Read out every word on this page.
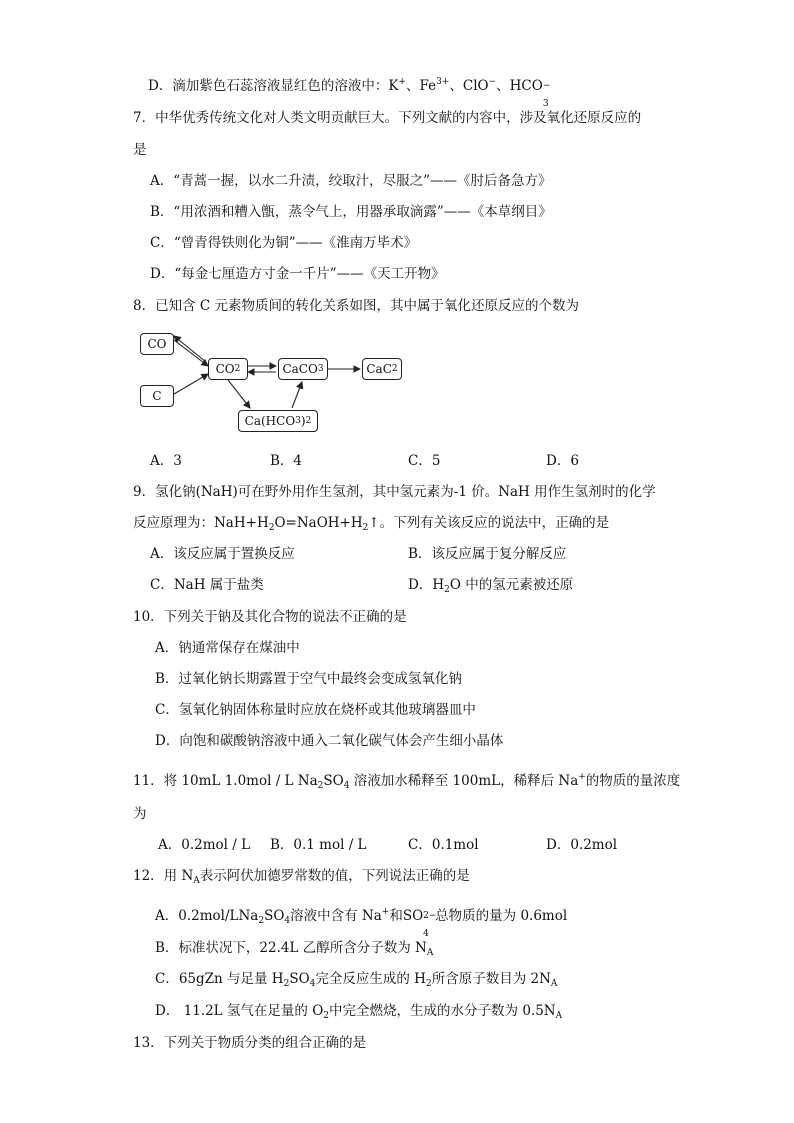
D．滴加紫色石蕊溶液显红色的溶液中：K+、$Fe^{3+}$、ClO−、HCO −
3
7．中华优秀传统文化对人类文明贡献巨大。下列文献的内容中，涉及氧化还原反应的
是
A．“青蒿一握，以水二升渍，绞取汁，尽服之”——《肘后备急方》
B．“用浓酒和糟入甑，蒸令气上，用器承取滴露”——《本草纲目》
C．“曾青得铁则化为铜”——《淮南万毕术》
D．“每金七厘造方寸金一千片”——《天工开物》
8．已知含 C 元素物质间的转化关系如图，其中属于氧化还原反应的个数为
CO
C
CO 2	CaCO 3	CaC 2
Ca(HCO 3 ) 2
A．3	B．4	C．5	D．6
9．氢化钠(NaH)可在野外用作生氢剂，其中氢元素为-1 价。NaH 用作生氢剂时的化学
反应原理为：$NaH+H_2O=NaOH+H_2↑$。下列有关该反应的说法中，正确的是
A．该反应属于置换反应	B．该反应属于复分解反应
C．NaH 属于盐类	D．$H_2O$ 中的氢元素被还原
10．下列关于钠及其化合物的说法不正确的是
A．钠通常保存在煤油中
B．过氧化钠长期露置于空气中最终会变成氢氧化钠
C．氢氧化钠固体称量时应放在烧杯或其他玻璃器皿中
D．向饱和碳酸钠溶液中通入二氧化碳气体会产生细小晶体
11．将 10mL 1.0mol / L $Na_2SO_4$ 溶液加水稀释至 100mL，稀释后 Na+的物质的量浓度
为
A．0.2mol / L B．0.1 mol / L	C．0.1mol	D．0.2mol
12．用 $N_A$表示阿伏加德罗常数的值，下列说法正确的是
A．$0.2mol/LNa_2SO_4$溶液中含有 Na+和SO 2−
4
总物质的量为 0.6mol
B．标准状况下，22.4L 乙醇所含分子数为 $N_A$
C．65gZn 与足量 $H_2SO_4$完全反应生成的 $H_2$所含原子数目为 $2N_A$
D． 11.2L 氢气在足量的 $O_2$中完全燃烧，生成的水分子数为 $0.5N_A$
13．下列关于物质分类的组合正确的是
